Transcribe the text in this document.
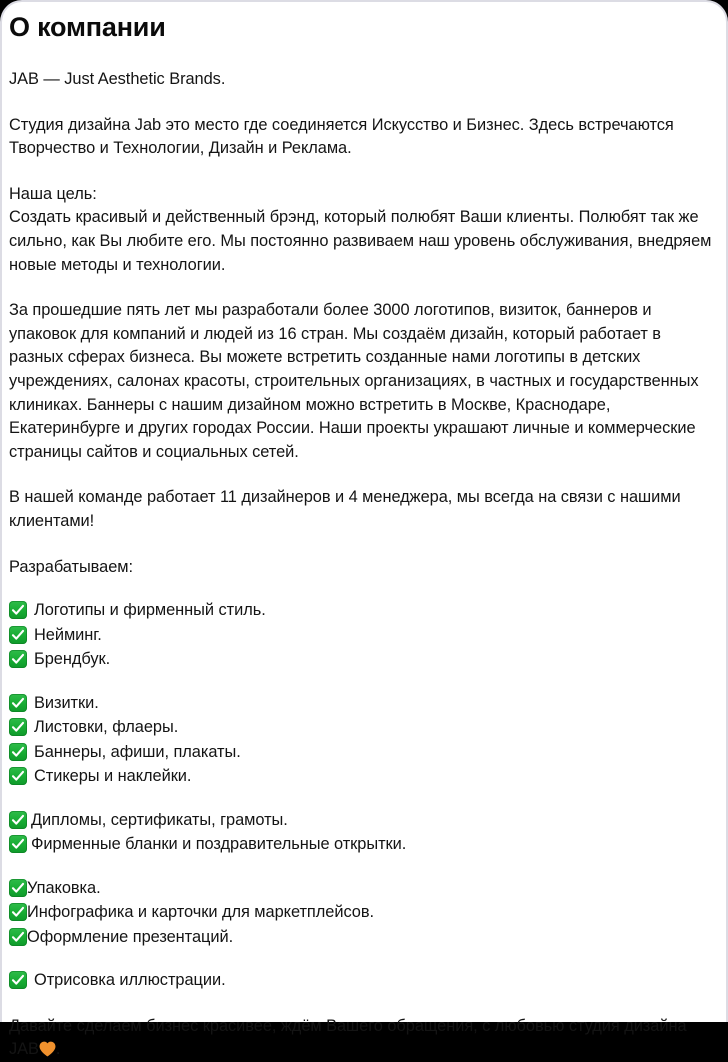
О компании

JAB — Just Aesthetic Brands.

Студия дизайна Jab это место где соединяется Искусство и Бизнес. Здесь встречаются Творчество и Технологии, Дизайн и Реклама.

Наша цель:

Создать красивый и действенный брэнд, который полюбят Ваши клиенты. Полюбят так же сильно, как Вы любите его. Мы постоянно развиваем наш уровень обслуживания, внедряем новые методы и технологии.

За прошедшие пять лет мы разработали более 3000 логотипов, визиток, баннеров и упаковок для компаний и людей из 16 стран. Мы создаём дизайн, который работает в разных сферах бизнеса. Вы можете встретить созданные нами логотипы в детских учреждениях, салонах красоты, строительных организациях, в частных и государственных клиниках. Баннеры с нашим дизайном можно встретить в Москве, Краснодаре, Екатеринбурге и других городах России. Наши проекты украшают личные и коммерческие страницы сайтов и социальных сетей.

В нашей команде работает 11 дизайнеров и 4 менеджера, мы всегда на связи с нашими клиентами!

Разрабатываем:

Логотипы и фирменный стиль.
Нейминг.
Брендбук.
Визитки.
Листовки, флаеры.
Баннеры, афиши, плакаты.
Стикеры и наклейки.
Дипломы, сертификаты, грамоты.
Фирменные бланки и поздравительные открытки.
Упаковка.
Инфографика и карточки для маркетплейсов.
Оформление презентаций.
Отрисовка иллюстрации.

Давайте сделаем бизнес красивее, ждём Вашего обращения, с любовью студия дизайна JAB .
